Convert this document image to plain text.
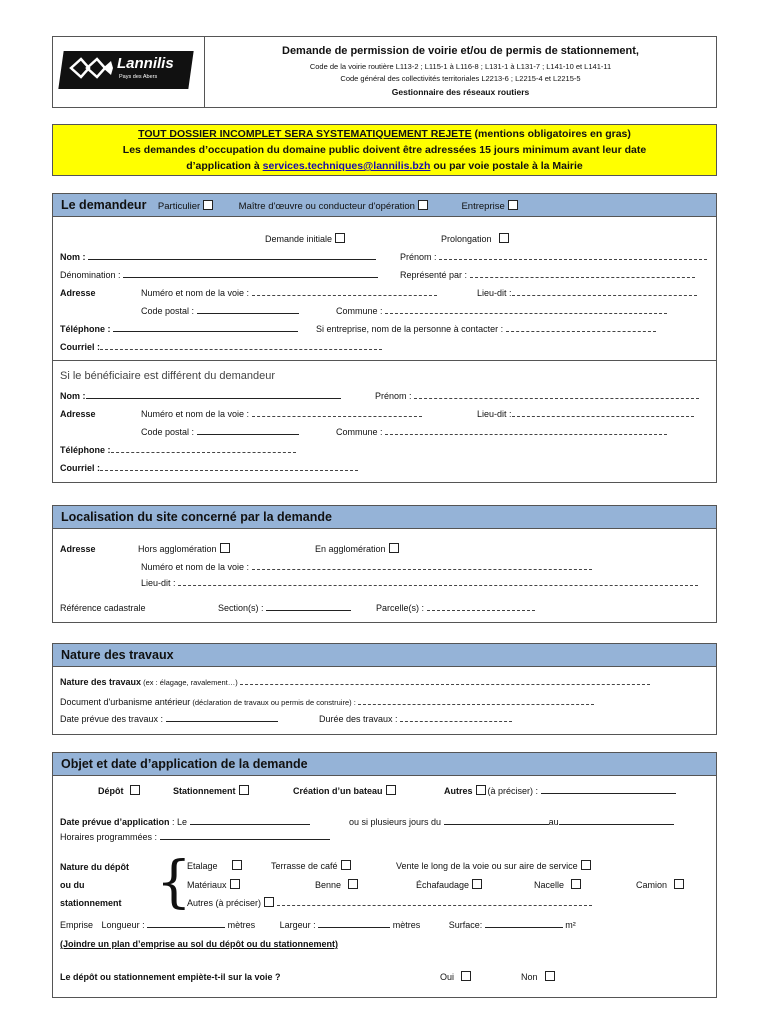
Lannilis
Pays des Abers
Demande de permission de voirie et/ou de permis de stationnement,
Code de la voirie routière L113-2 ; L115-1 à L116-8 ; L131-1 à L131-7 ; L141-10 et L141-11
Code général des collectivités territoriales L2213-6 ; L2215-4 et L2215-5
Gestionnaire des réseaux routiers
TOUT DOSSIER INCOMPLET SERA SYSTEMATIQUEMENT REJETE (mentions obligatoires en gras)
Les demandes d’occupation du domaine public doivent être adressées 15 jours minimum avant leur date
d’application à services.techniques@lannilis.bzh ou par voie postale à la Mairie
Le demandeur Particulier	Maître d'œuvre ou conducteur d'opération	Entreprise
Demande initiale	Prolongation
Nom :	Prénom :
Dénomination :	Représenté par :
Adresse	Numéro et nom de la voie :	Lieu-dit :
Code postal :	Commune :
Téléphone :	Si entreprise, nom de la personne à contacter :
Courriel :
Si le bénéficiaire est différent du demandeur
Nom :	Prénom :
Adresse	Numéro et nom de la voie :	Lieu-dit :
Code postal :	Commune :
Téléphone :
Courriel :
Localisation du site concerné par la demande
Adresse	Hors agglomération	En agglomération
Numéro et nom de la voie :
Lieu-dit :
Référence cadastrale	Section(s) :	Parcelle(s) :
Nature des travaux
Nature des travaux (ex : élagage, ravalement…)
Document d'urbanisme antérieur (déclaration de travaux ou permis de construire) :
Date prévue des travaux :	Durée des travaux :
Objet et date d’application de la demande
Dépôt	Stationnement	Création d’un bateau	Autres (à préciser) :
Date prévue d’application : Le	ou si plusieurs jours du	au
Horaires programmées :
Nature du dépôt
ou du
stationnement {
Etalage	Terrasse de café	Vente le long de la voie ou sur aire de service
Matériaux	Benne	Échafaudage	Nacelle	Camion
Autres (à préciser)
Emprise Longueur :	mètres	Largeur :	mètres	Surface:	m²
(Joindre un plan d’emprise au sol du dépôt ou du stationnement)
Le dépôt ou stationnement empiète-t-il sur la voie ?	Oui	Non
